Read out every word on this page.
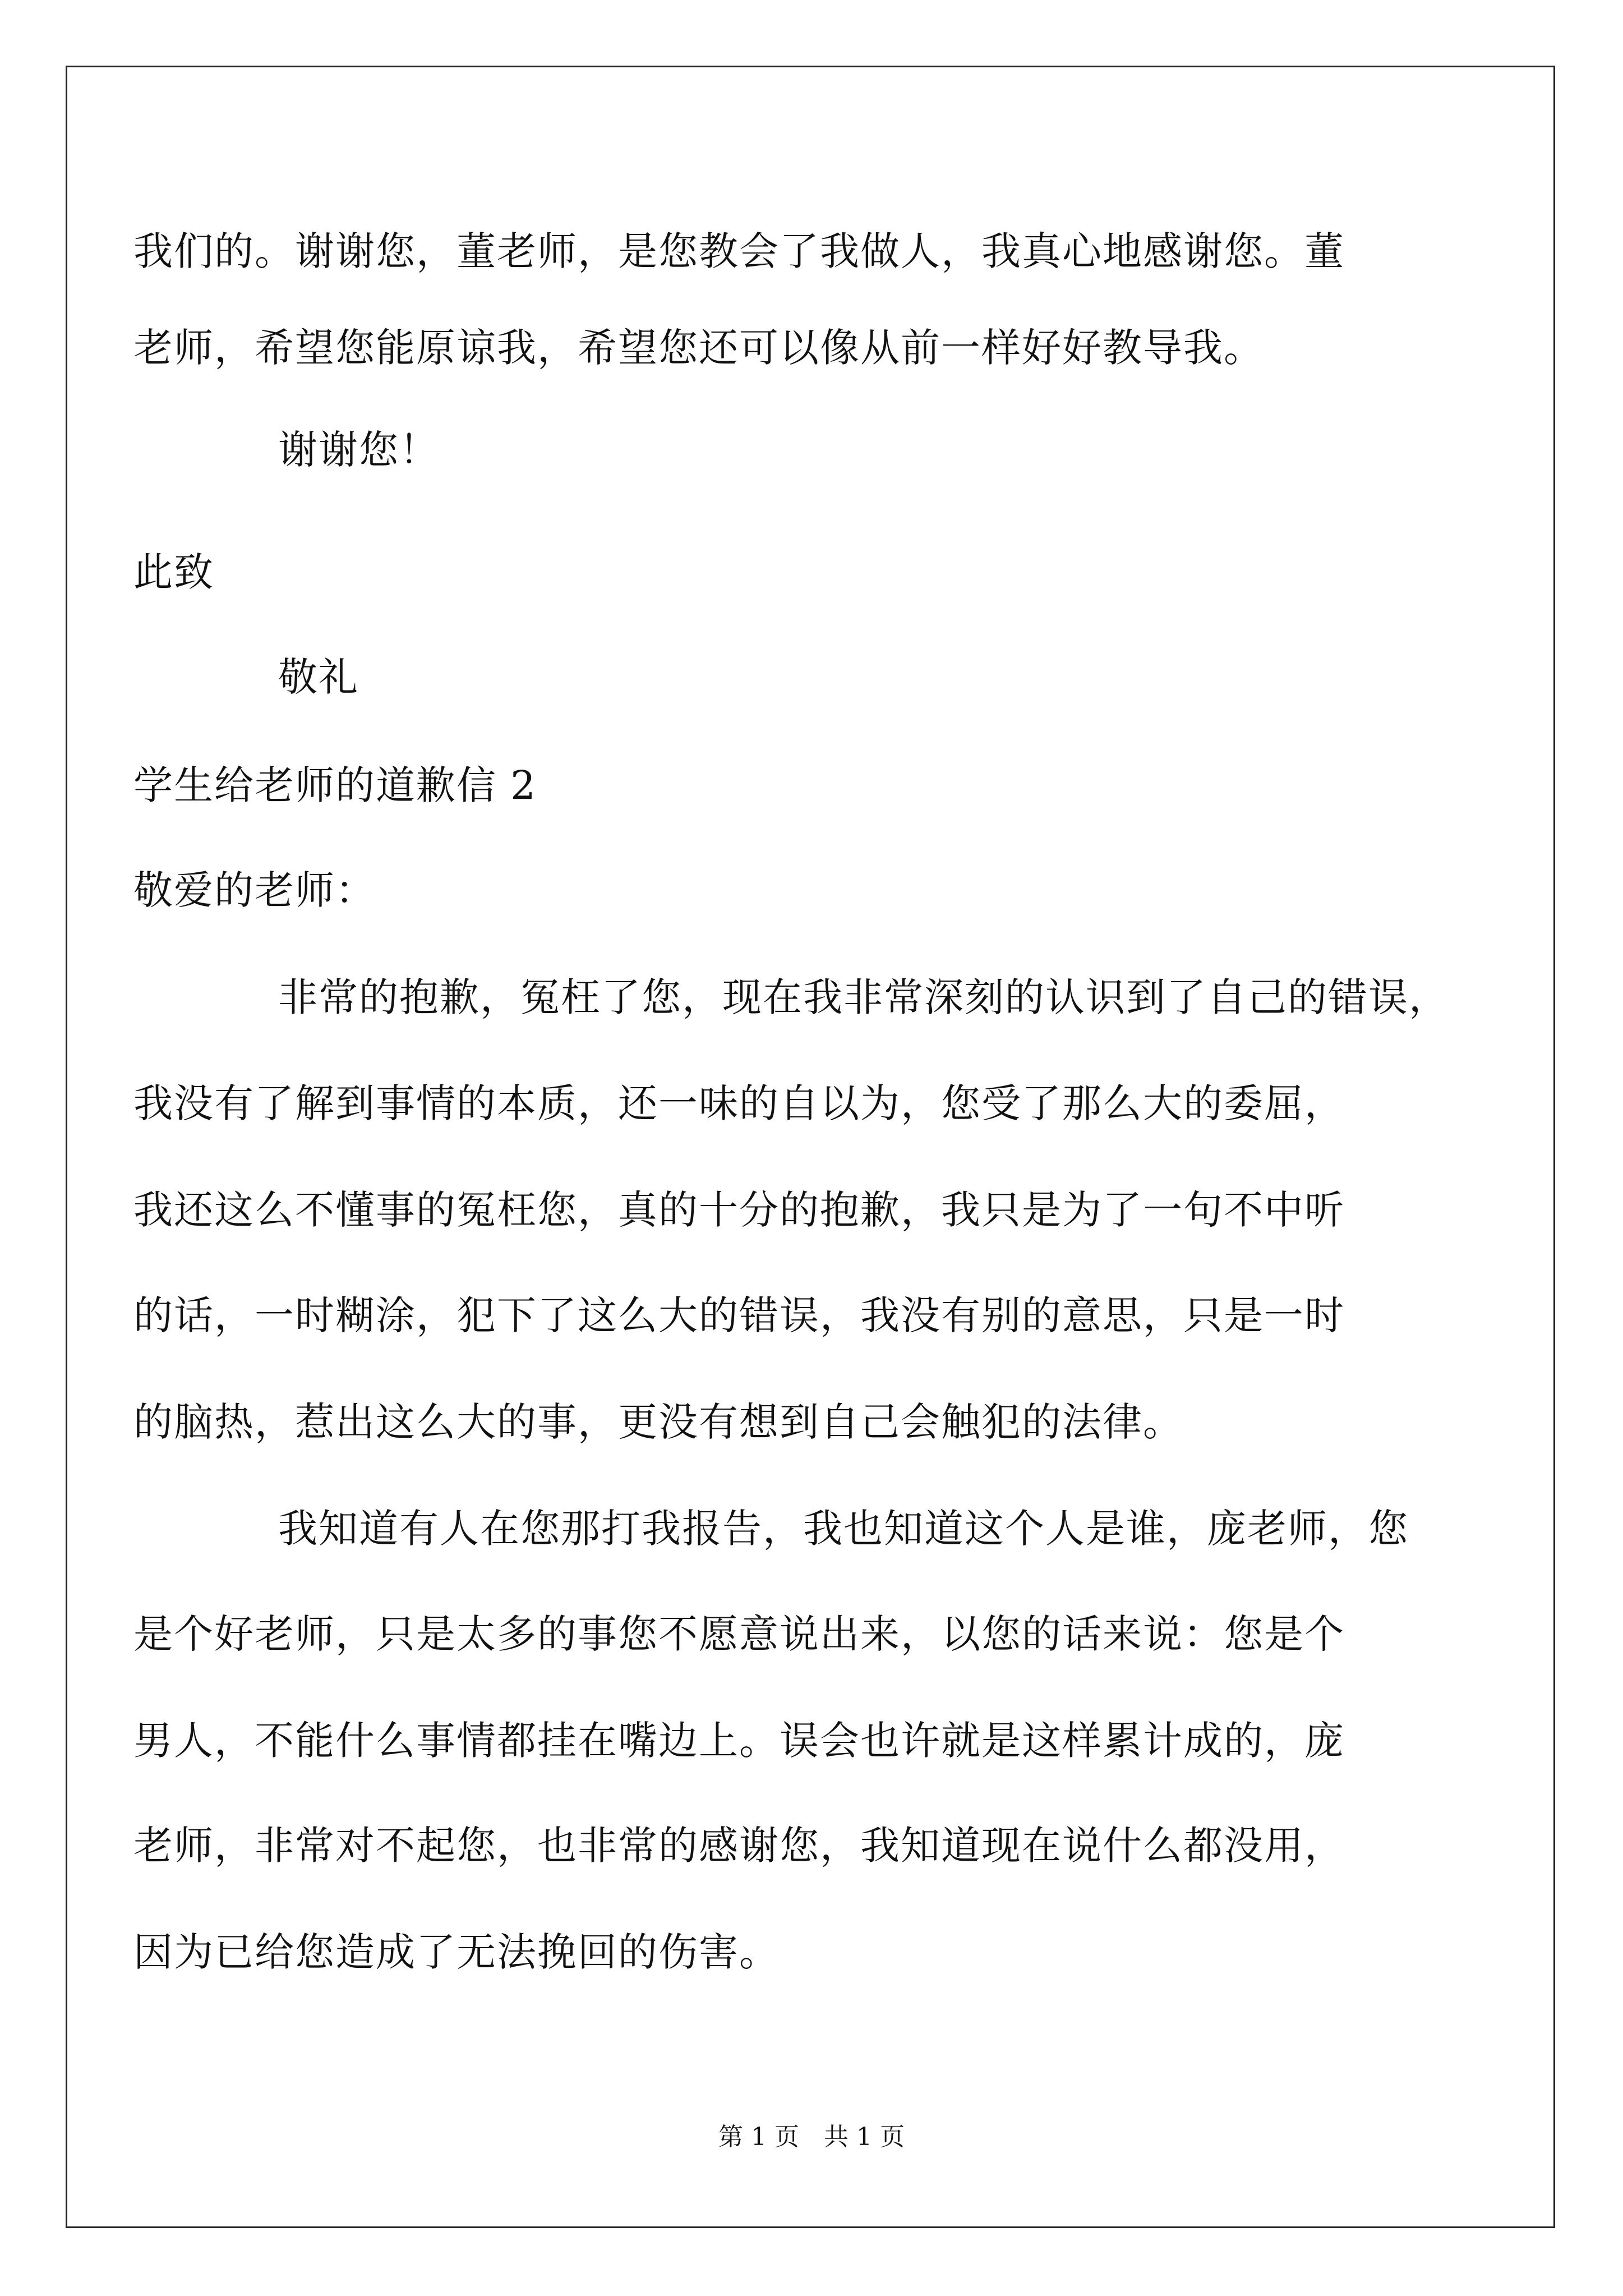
我们的。谢谢您，董老师，是您教会了我做人，我真心地感谢您。董
老师，希望您能原谅我，希望您还可以像从前一样好好教导我。
谢谢您！
此致
敬礼
学生给老师的道歉信 2
敬爱的老师：
非常的抱歉，冤枉了您，现在我非常深刻的认识到了自己的错误，
我没有了解到事情的本质，还一味的自以为，您受了那么大的委屈，
我还这么不懂事的冤枉您，真的十分的抱歉，我只是为了一句不中听
的话，一时糊涂，犯下了这么大的错误，我没有别的意思，只是一时
的脑热，惹出这么大的事，更没有想到自己会触犯的法律。
我知道有人在您那打我报告，我也知道这个人是谁，庞老师，您
是个好老师，只是太多的事您不愿意说出来，以您的话来说：您是个
男人，不能什么事情都挂在嘴边上。误会也许就是这样累计成的，庞
老师，非常对不起您，也非常的感谢您，我知道现在说什么都没用，
因为已给您造成了无法挽回的伤害。
第 1 页　共 1 页
